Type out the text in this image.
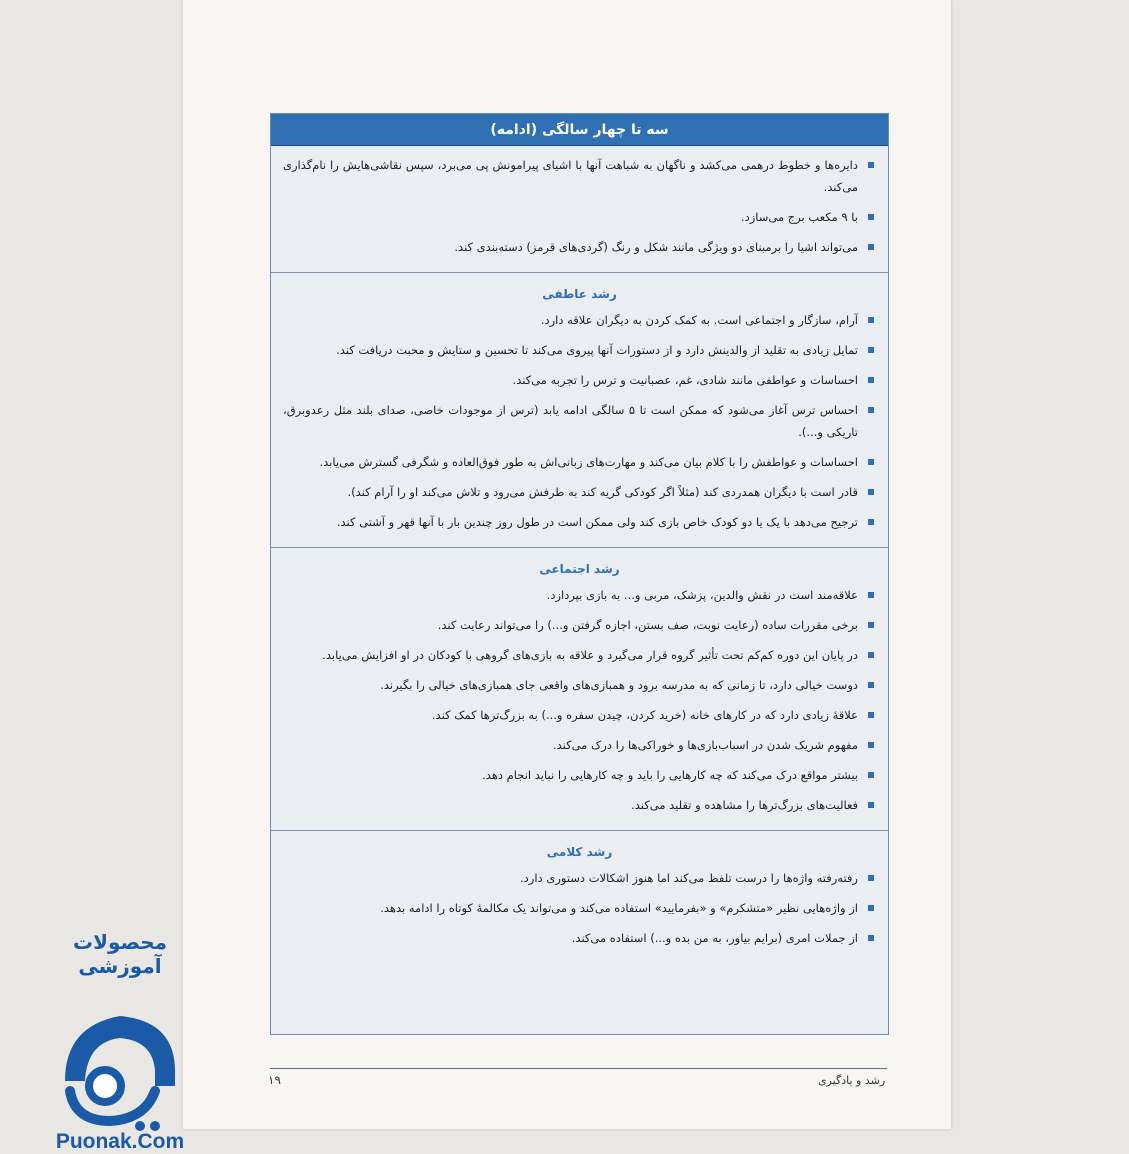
سه تا چهار سالگی (ادامه)
دایره‌ها و خطوط درهمی می‌کشد و ناگهان به شباهت آنها با اشیای پیرامونش پی می‌برد، سپس نقاشی‌هایش را نام‌گذاری می‌کند.
با ۹ مکعب برج می‌سازد.
می‌تواند اشیا را برمبنای دو ویژگی مانند شکل و رنگ (گردی‌های قرمز) دسته‌بندی کند.
رشد عاطفی
آرام، سازگار و اجتماعی است. به کمک کردن به دیگران علاقه دارد.
تمایل زیادی به تقلید از والدینش دارد و از دستورات آنها پیروی می‌کند تا تحسین و ستایش و محبت دریافت کند.
احساسات و عواطفی مانند شادی، غم، عصبانیت و ترس را تجربه می‌کند.
احساس ترس آغاز می‌شود که ممکن است تا ۵ سالگی ادامه یابد (ترس از موجودات خاصی، صدای بلند مثل رعدوبرق، تاریکی و...).
احساسات و عواطفش را با کلام بیان می‌کند و مهارت‌های زبانی‌اش به طور فوق‌العاده و شگرفی گسترش می‌یابد.
قادر است با دیگران همدردی کند (مثلاً اگر کودکی گریه کند به طرفش می‌رود و تلاش می‌کند او را آرام کند).
ترجیح می‌دهد با یک یا دو کودک خاص بازی کند ولی ممکن است در طول روز چندین بار با آنها قهر و آشتی کند.
رشد اجتماعی
علاقه‌مند است در نقش والدین، پزشک، مربی و... به بازی بپردازد.
برخی مقررات ساده (رعایت نوبت، صف بستن، اجازه گرفتن و...) را می‌تواند رعایت کند.
در پایان این دوره کم‌کم تحت تأثیر گروه قرار می‌گیرد و علاقه به بازی‌های گروهی با کودکان در او افزایش می‌یابد.
دوست خیالی دارد، تا زمانی که به مدرسه برود و همبازی‌های واقعی جای همبازی‌های خیالی را بگیرند.
علاقهٔ زیادی دارد که در کارهای خانه (خرید کردن، چیدن سفره و...) به بزرگ‌ترها کمک کند.
مفهوم شریک شدن در اسباب‌بازی‌ها و خوراکی‌ها را درک می‌کند.
بیشتر مواقع درک می‌کند که چه کارهایی را باید و چه کارهایی را نباید انجام دهد.
فعالیت‌های بزرگ‌ترها را مشاهده و تقلید می‌کند.
رشد کلامی
رفته‌رفته واژه‌ها را درست تلفظ می‌کند اما هنوز اشکالات دستوری دارد.
از واژه‌هایی نظیر «متشکرم» و «بفرمایید» استفاده می‌کند و می‌تواند یک مکالمهٔ کوتاه را ادامه بدهد.
از جملات امری (برایم بیاور، به من بده و...) استفاده می‌کند.
۱۹	رشد و یادگیری
محصولات آموزشی
Puonak.Com
